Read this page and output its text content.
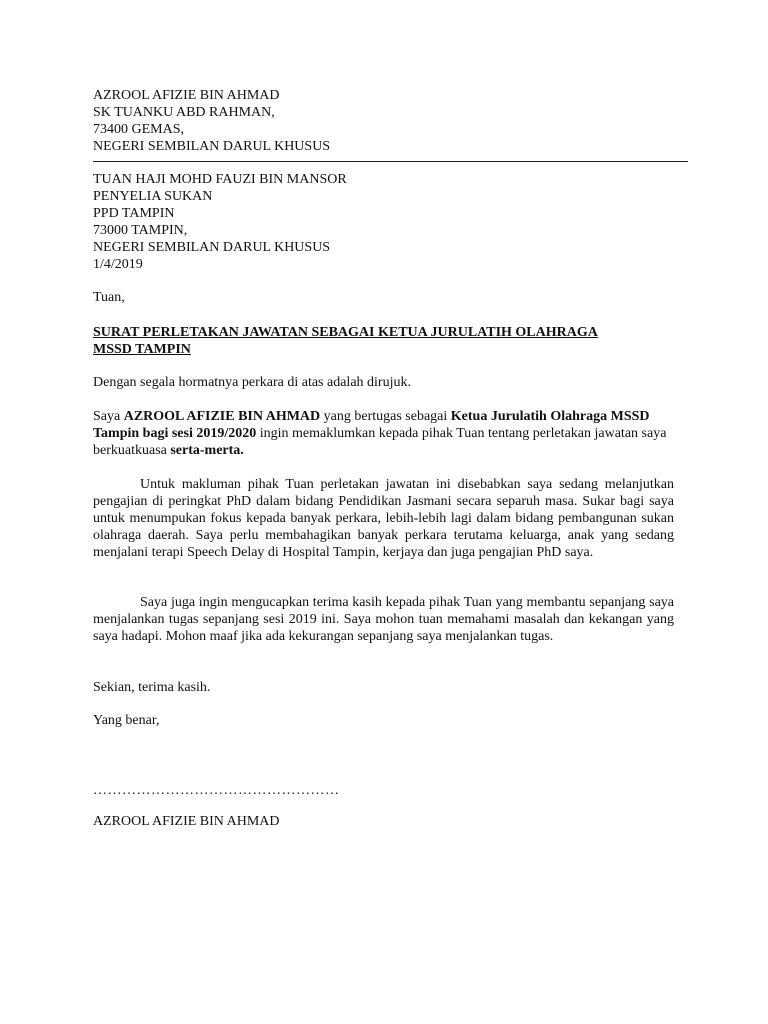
AZROOL AFIZIE BIN AHMAD
SK TUANKU ABD RAHMAN,
73400 GEMAS,
NEGERI SEMBILAN DARUL KHUSUS
TUAN HAJI MOHD FAUZI BIN MANSOR
PENYELIA SUKAN
PPD TAMPIN
73000 TAMPIN,
NEGERI SEMBILAN DARUL KHUSUS
1/4/2019
Tuan,
SURAT PERLETAKAN JAWATAN SEBAGAI KETUA JURULATIH OLAHRAGA
MSSD TAMPIN
Dengan segala hormatnya perkara di atas adalah dirujuk.
Saya AZROOL AFIZIE BIN AHMAD yang bertugas sebagai Ketua Jurulatih Olahraga MSSD Tampin bagi sesi 2019/2020 ingin memaklumkan kepada pihak Tuan tentang perletakan jawatan saya berkuatkuasa serta-merta.
Untuk makluman pihak Tuan perletakan jawatan ini disebabkan saya sedang melanjutkan pengajian di peringkat PhD dalam bidang Pendidikan Jasmani secara separuh masa. Sukar bagi saya untuk menumpukan fokus kepada banyak perkara, lebih-lebih lagi dalam bidang pembangunan sukan olahraga daerah. Saya perlu membahagikan banyak perkara terutama keluarga, anak yang sedang menjalani terapi Speech Delay di Hospital Tampin, kerjaya dan juga pengajian PhD saya.
Saya juga ingin mengucapkan terima kasih kepada pihak Tuan yang membantu sepanjang saya menjalankan tugas sepanjang sesi 2019 ini. Saya mohon tuan memahami masalah dan kekangan yang saya hadapi. Mohon maaf jika ada kekurangan sepanjang saya menjalankan tugas.
Sekian, terima kasih.
Yang benar,
……………………………………………
AZROOL AFIZIE BIN AHMAD
